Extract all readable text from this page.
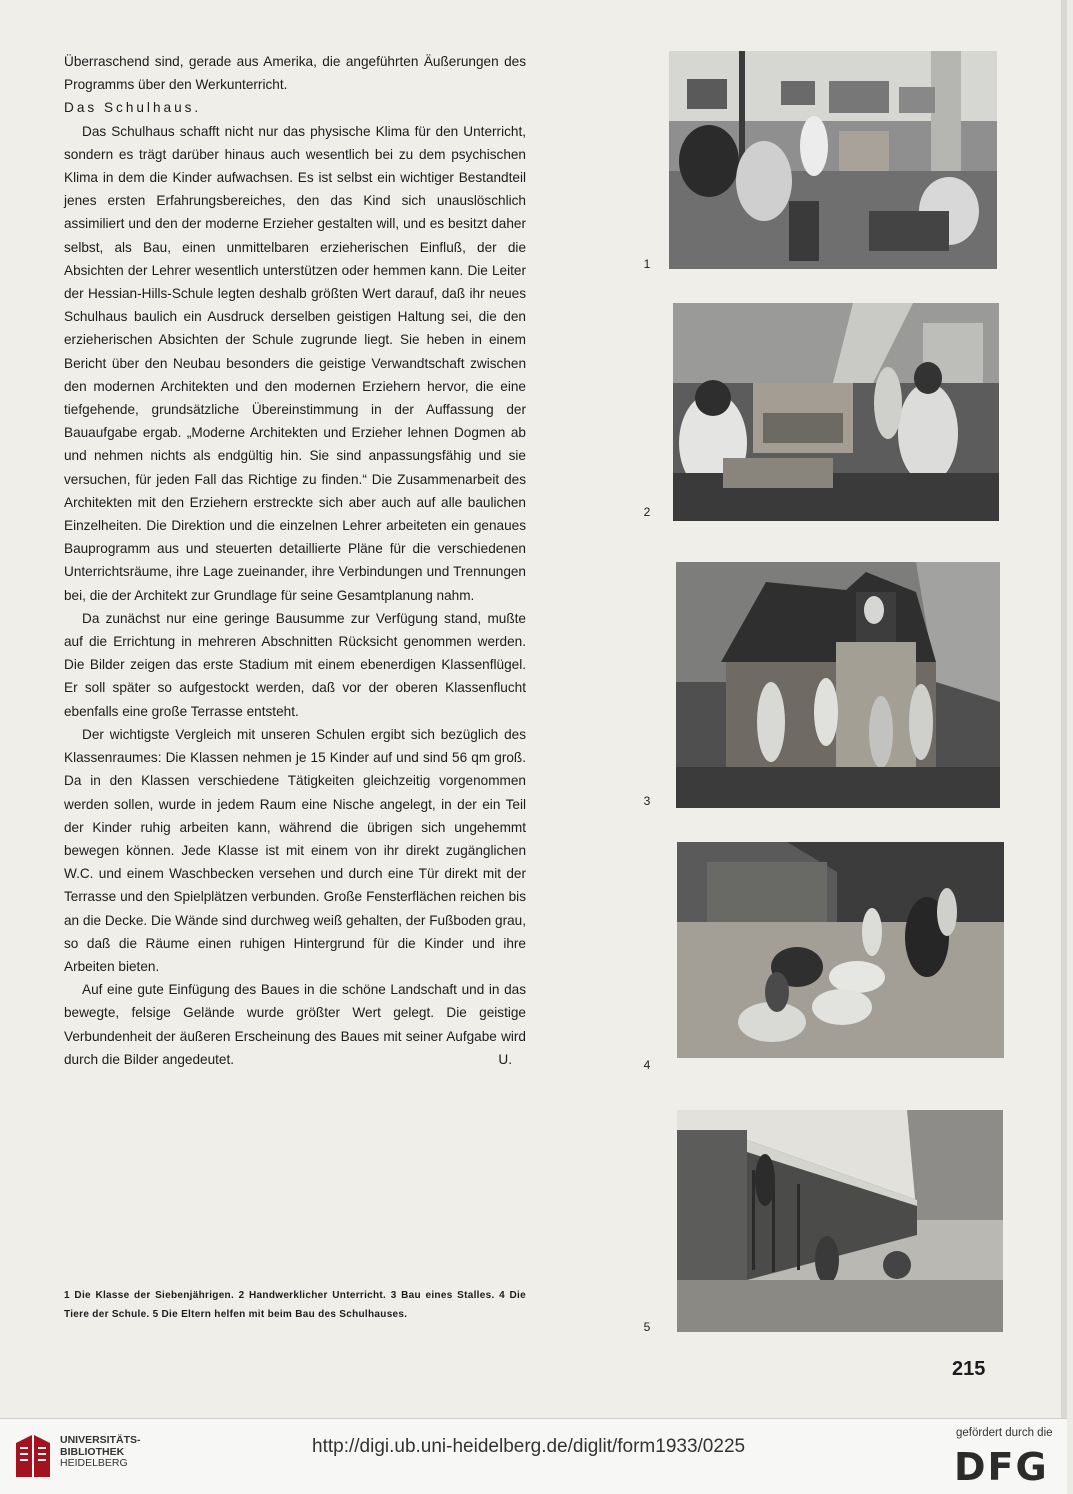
Überraschend sind, gerade aus Amerika, die angeführten Äußerungen des Programms über den Werkunterricht.

Das Schulhaus.

Das Schulhaus schafft nicht nur das physische Klima für den Unterricht, sondern es trägt darüber hinaus auch wesentlich bei zu dem psychischen Klima in dem die Kinder aufwachsen. Es ist selbst ein wichtiger Bestandteil jenes ersten Erfahrungsbereiches, den das Kind sich unauslöschlich assimiliert und den der moderne Erzieher gestalten will, und es besitzt daher selbst, als Bau, einen unmittelbaren erzieherischen Einfluß, der die Absichten der Lehrer wesentlich unterstützen oder hemmen kann. Die Leiter der Hessian-Hills-Schule legten deshalb größten Wert darauf, daß ihr neues Schulhaus baulich ein Ausdruck derselben geistigen Haltung sei, die den erzieherischen Absichten der Schule zugrunde liegt. Sie heben in einem Bericht über den Neubau besonders die geistige Verwandtschaft zwischen den modernen Architekten und den modernen Erziehern hervor, die eine tiefgehende, grundsätzliche Übereinstimmung in der Auffassung der Bauaufgabe ergab. „Moderne Architekten und Erzieher lehnen Dogmen ab und nehmen nichts als endgültig hin. Sie sind anpassungsfähig und sie versuchen, für jeden Fall das Richtige zu finden.“ Die Zusammenarbeit des Architekten mit den Erziehern erstreckte sich aber auch auf alle baulichen Einzelheiten. Die Direktion und die einzelnen Lehrer arbeiteten ein genaues Bauprogramm aus und steuerten detaillierte Pläne für die verschiedenen Unterrichtsräume, ihre Lage zueinander, ihre Verbindungen und Trennungen bei, die der Architekt zur Grundlage für seine Gesamtplanung nahm.

Da zunächst nur eine geringe Bausumme zur Verfügung stand, mußte auf die Errichtung in mehreren Abschnitten Rücksicht genommen werden. Die Bilder zeigen das erste Stadium mit einem ebenerdigen Klassenflügel. Er soll später so aufgestockt werden, daß vor der oberen Klassenflucht ebenfalls eine große Terrasse entsteht.

Der wichtigste Vergleich mit unseren Schulen ergibt sich bezüglich des Klassenraumes: Die Klassen nehmen je 15 Kinder auf und sind 56 qm groß. Da in den Klassen verschiedene Tätigkeiten gleichzeitig vorgenommen werden sollen, wurde in jedem Raum eine Nische angelegt, in der ein Teil der Kinder ruhig arbeiten kann, während die übrigen sich ungehemmt bewegen können. Jede Klasse ist mit einem von ihr direkt zugänglichen W.C. und einem Waschbecken versehen und durch eine Tür direkt mit der Terrasse und den Spielplätzen verbunden. Große Fensterflächen reichen bis an die Decke. Die Wände sind durchweg weiß gehalten, der Fußboden grau, so daß die Räume einen ruhigen Hintergrund für die Kinder und ihre Arbeiten bieten.

Auf eine gute Einfügung des Baues in die schöne Landschaft und in das bewegte, felsige Gelände wurde größter Wert gelegt. Die geistige Verbundenheit der äußeren Erscheinung des Baues mit seiner Aufgabe wird durch die Bilder angedeutet.	U.

1 Die Klasse der Siebenjährigen. 2 Handwerklicher Unterricht. 3 Bau eines Stalles. 4 Die Tiere der Schule. 5 Die Eltern helfen mit beim Bau des Schulhauses.
1
2
3
4
5
215
UNIVERSITÄTS-
BIBLIOTHEK
HEIDELBERG
http://digi.ub.uni-heidelberg.de/diglit/form1933/0225
gefördert durch die
DFG
